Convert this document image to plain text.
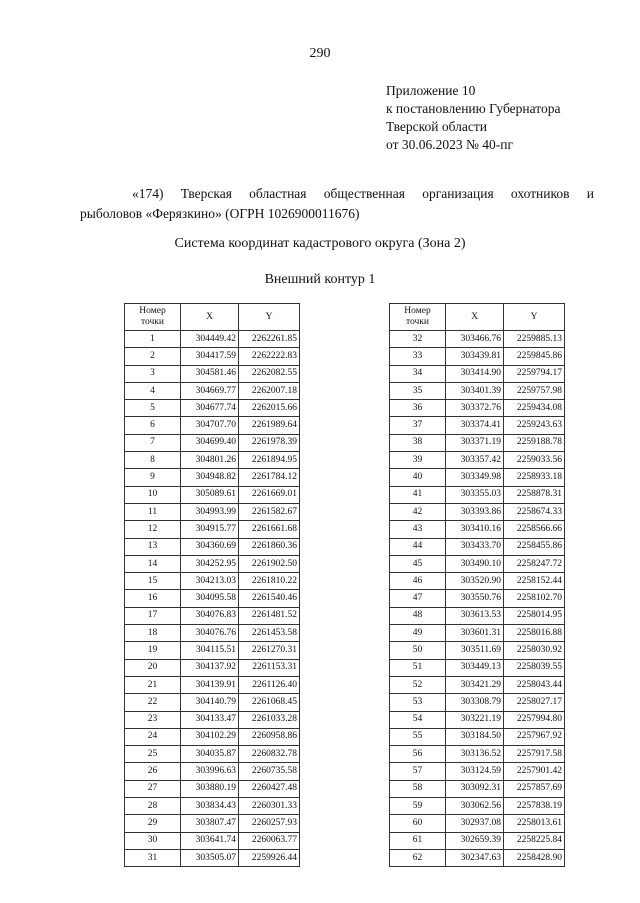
290
Приложение 10
к постановлению Губернатора
Тверской области
от 30.06.2023 № 40-пг
«174) Тверская областная общественная организация охотников и
рыболовов «Ферязкино» (ОГРН 1026900011676)
Система координат кадастрового округа (Зона 2)
Внешний контур 1
Номер
точки	X	Y
1	304449.42	2262261.85
2	304417.59	2262222.83
3	304581.46	2262082.55
4	304669.77	2262007.18
5	304677.74	2262015.66
6	304707.70	2261989.64
7	304699.40	2261978.39
8	304801.26	2261894.95
9	304948.82	2261784.12
10	305089.61	2261669.01
11	304993.99	2261582.67
12	304915.77	2261661.68
13	304360.69	2261860.36
14	304252.95	2261902.50
15	304213.03	2261810.22
16	304095.58	2261540.46
17	304076.83	2261481.52
18	304076.76	2261453.58
19	304115.51	2261270.31
20	304137.92	2261153.31
21	304139.91	2261126.40
22	304140.79	2261068.45
23	304133.47	2261033.28
24	304102.29	2260958.86
25	304035.87	2260832.78
26	303996.63	2260735.58
27	303880.19	2260427.48
28	303834.43	2260301.33
29	303807.47	2260257.93
30	303641.74	2260063.77
31	303505.07	2259926.44
Номер
точки	X	Y
32	303466.76	2259885.13
33	303439.81	2259845.86
34	303414.90	2259794.17
35	303401.39	2259757.98
36	303372.76	2259434.08
37	303374.41	2259243.63
38	303371.19	2259188.78
39	303357.42	2259033.56
40	303349.98	2258933.18
41	303355.03	2258878.31
42	303393.86	2258674.33
43	303410.16	2258566.66
44	303433.70	2258455.86
45	303490.10	2258247.72
46	303520.90	2258152.44
47	303550.76	2258102.70
48	303613.53	2258014.95
49	303601.31	2258016.88
50	303511.69	2258030.92
51	303449.13	2258039.55
52	303421.29	2258043.44
53	303308.79	2258027.17
54	303221.19	2257994.80
55	303184.50	2257967.92
56	303136.52	2257917.58
57	303124.59	2257901.42
58	303092.31	2257857.69
59	303062.56	2257838.19
60	302937.08	2258013.61
61	302659.39	2258225.84
62	302347.63	2258428.90
